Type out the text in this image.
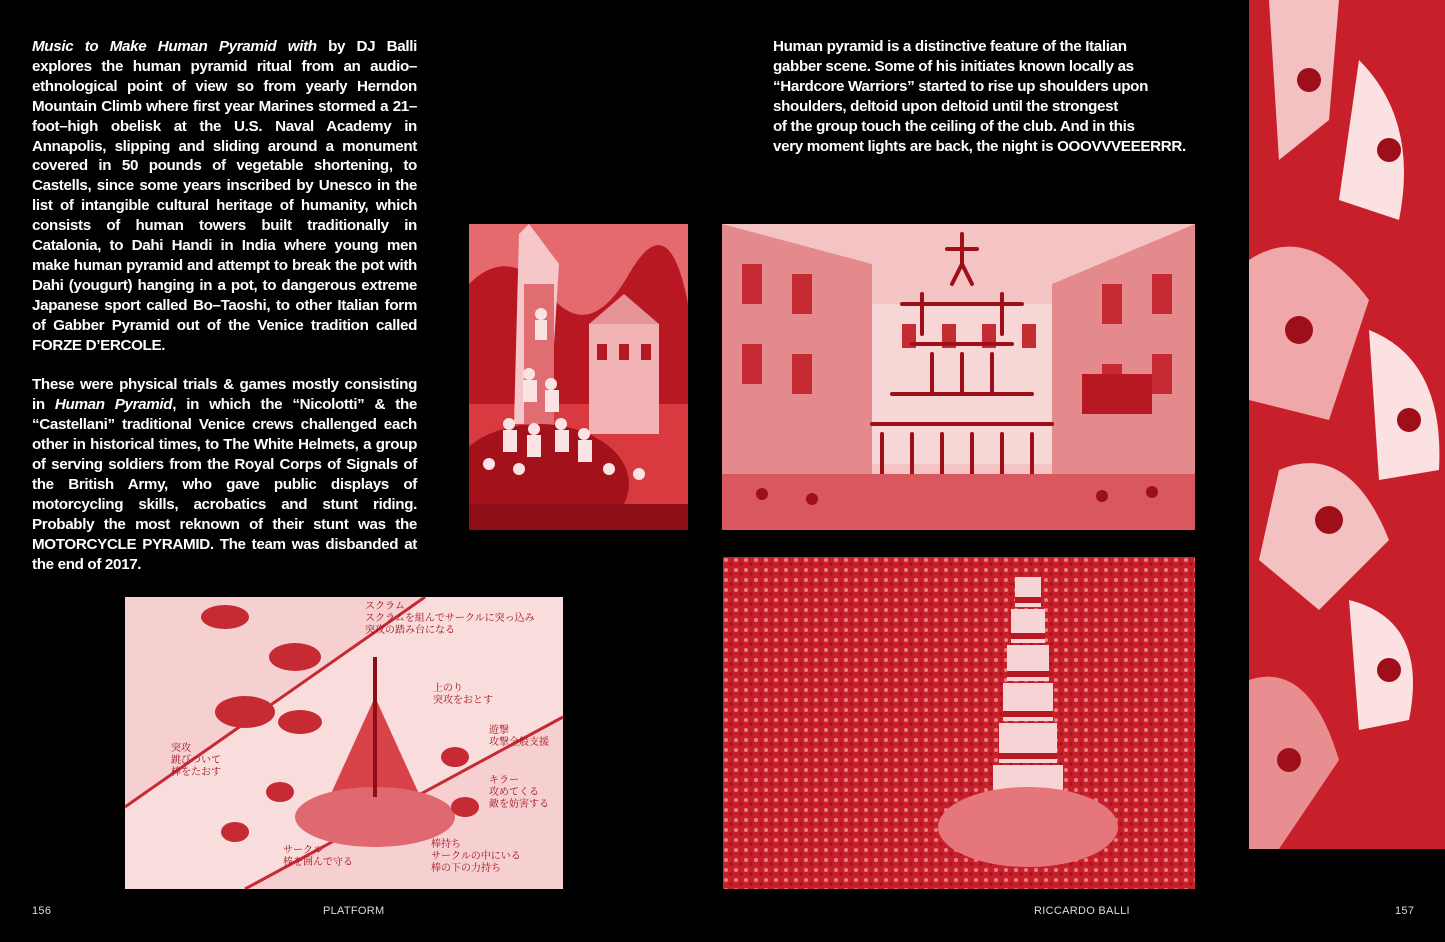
Music to Make Human Pyramid with by DJ Balli explores the human pyramid ritual from an audio–ethnological point of view so from yearly Herndon Mountain Climb where first year Marines stormed a 21–foot–high obelisk at the U.S. Naval Academy in Annapolis, slipping and sliding around a monument covered in 50 pounds of vegetable shortening, to Castells, since some years inscribed by Unesco in the list of intangible cultural heritage of humanity, which consists of human towers built traditionally in Catalonia, to Dahi Handi in India where young men make human pyramid and attempt to break the pot with Dahi (yougurt) hanging in a pot, to dangerous extreme Japanese sport called Bo–Taoshi, to other Italian form of Gabber Pyramid out of the Venice tradition called FORZE D’ERCOLE.

These were physical trials & games mostly consisting in Human Pyramid, in which the “Nicolotti” & the “Castellani” traditional Venice crews challenged each other in historical times, to The White Helmets, a group of serving soldiers from the Royal Corps of Signals of the British Army, who gave public displays of motorcycling skills, acrobatics and stunt riding. Probably the most reknown of their stunt was the MOTORCYCLE PYRAMID. The team was disbanded at the end of 2017.

Human pyramid is a distinctive feature of the Italian
gabber scene. Some of his initiates known locally as
“Hardcore Warriors” started to rise up shoulders upon
shoulders, deltoid upon deltoid until the strongest
of the group touch the ceiling of the club. And in this
very moment lights are back, the night is OOOVVVEEERRR.
スクラム
スクラムを組んでサークルに突っ込み
突攻の踏み台になる
上のり
突攻をおとす
遊撃
攻撃全般支援
突攻
跳びついて
棒をたおす
キラー
攻めてくる
敵を妨害する
サークル
棒を囲んで守る
棒持ち
サークルの中にいる
棒の下の力持ち
156	PLATFORM	RICCARDO BALLI	157
